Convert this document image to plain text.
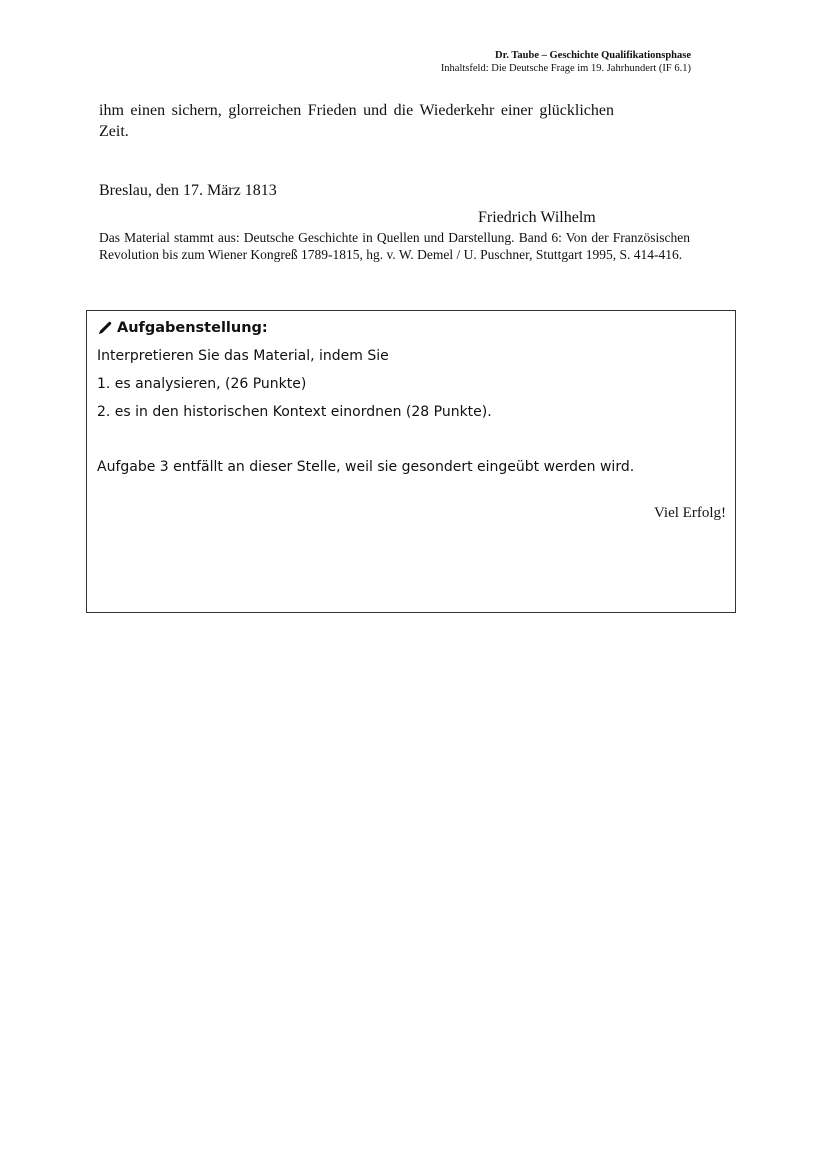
Dr. Taube – Geschichte Qualifikationsphase
Inhaltsfeld: Die Deutsche Frage im 19. Jahrhundert (IF 6.1)
ihm einen sichern, glorreichen Frieden und die Wiederkehr einer glücklichen Zeit.
Breslau, den 17. März 1813
Friedrich Wilhelm
Das Material stammt aus: Deutsche Geschichte in Quellen und Darstellung. Band 6: Von der Französischen Revolution bis zum Wiener Kongreß 1789-1815, hg. v. W. Demel / U. Puschner, Stuttgart 1995, S. 414-416.
Aufgabenstellung:
Interpretieren Sie das Material, indem Sie
1. es analysieren, (26 Punkte)
2. es in den historischen Kontext einordnen (28 Punkte).
Aufgabe 3 entfällt an dieser Stelle, weil sie gesondert eingeübt werden wird.
Viel Erfolg!
